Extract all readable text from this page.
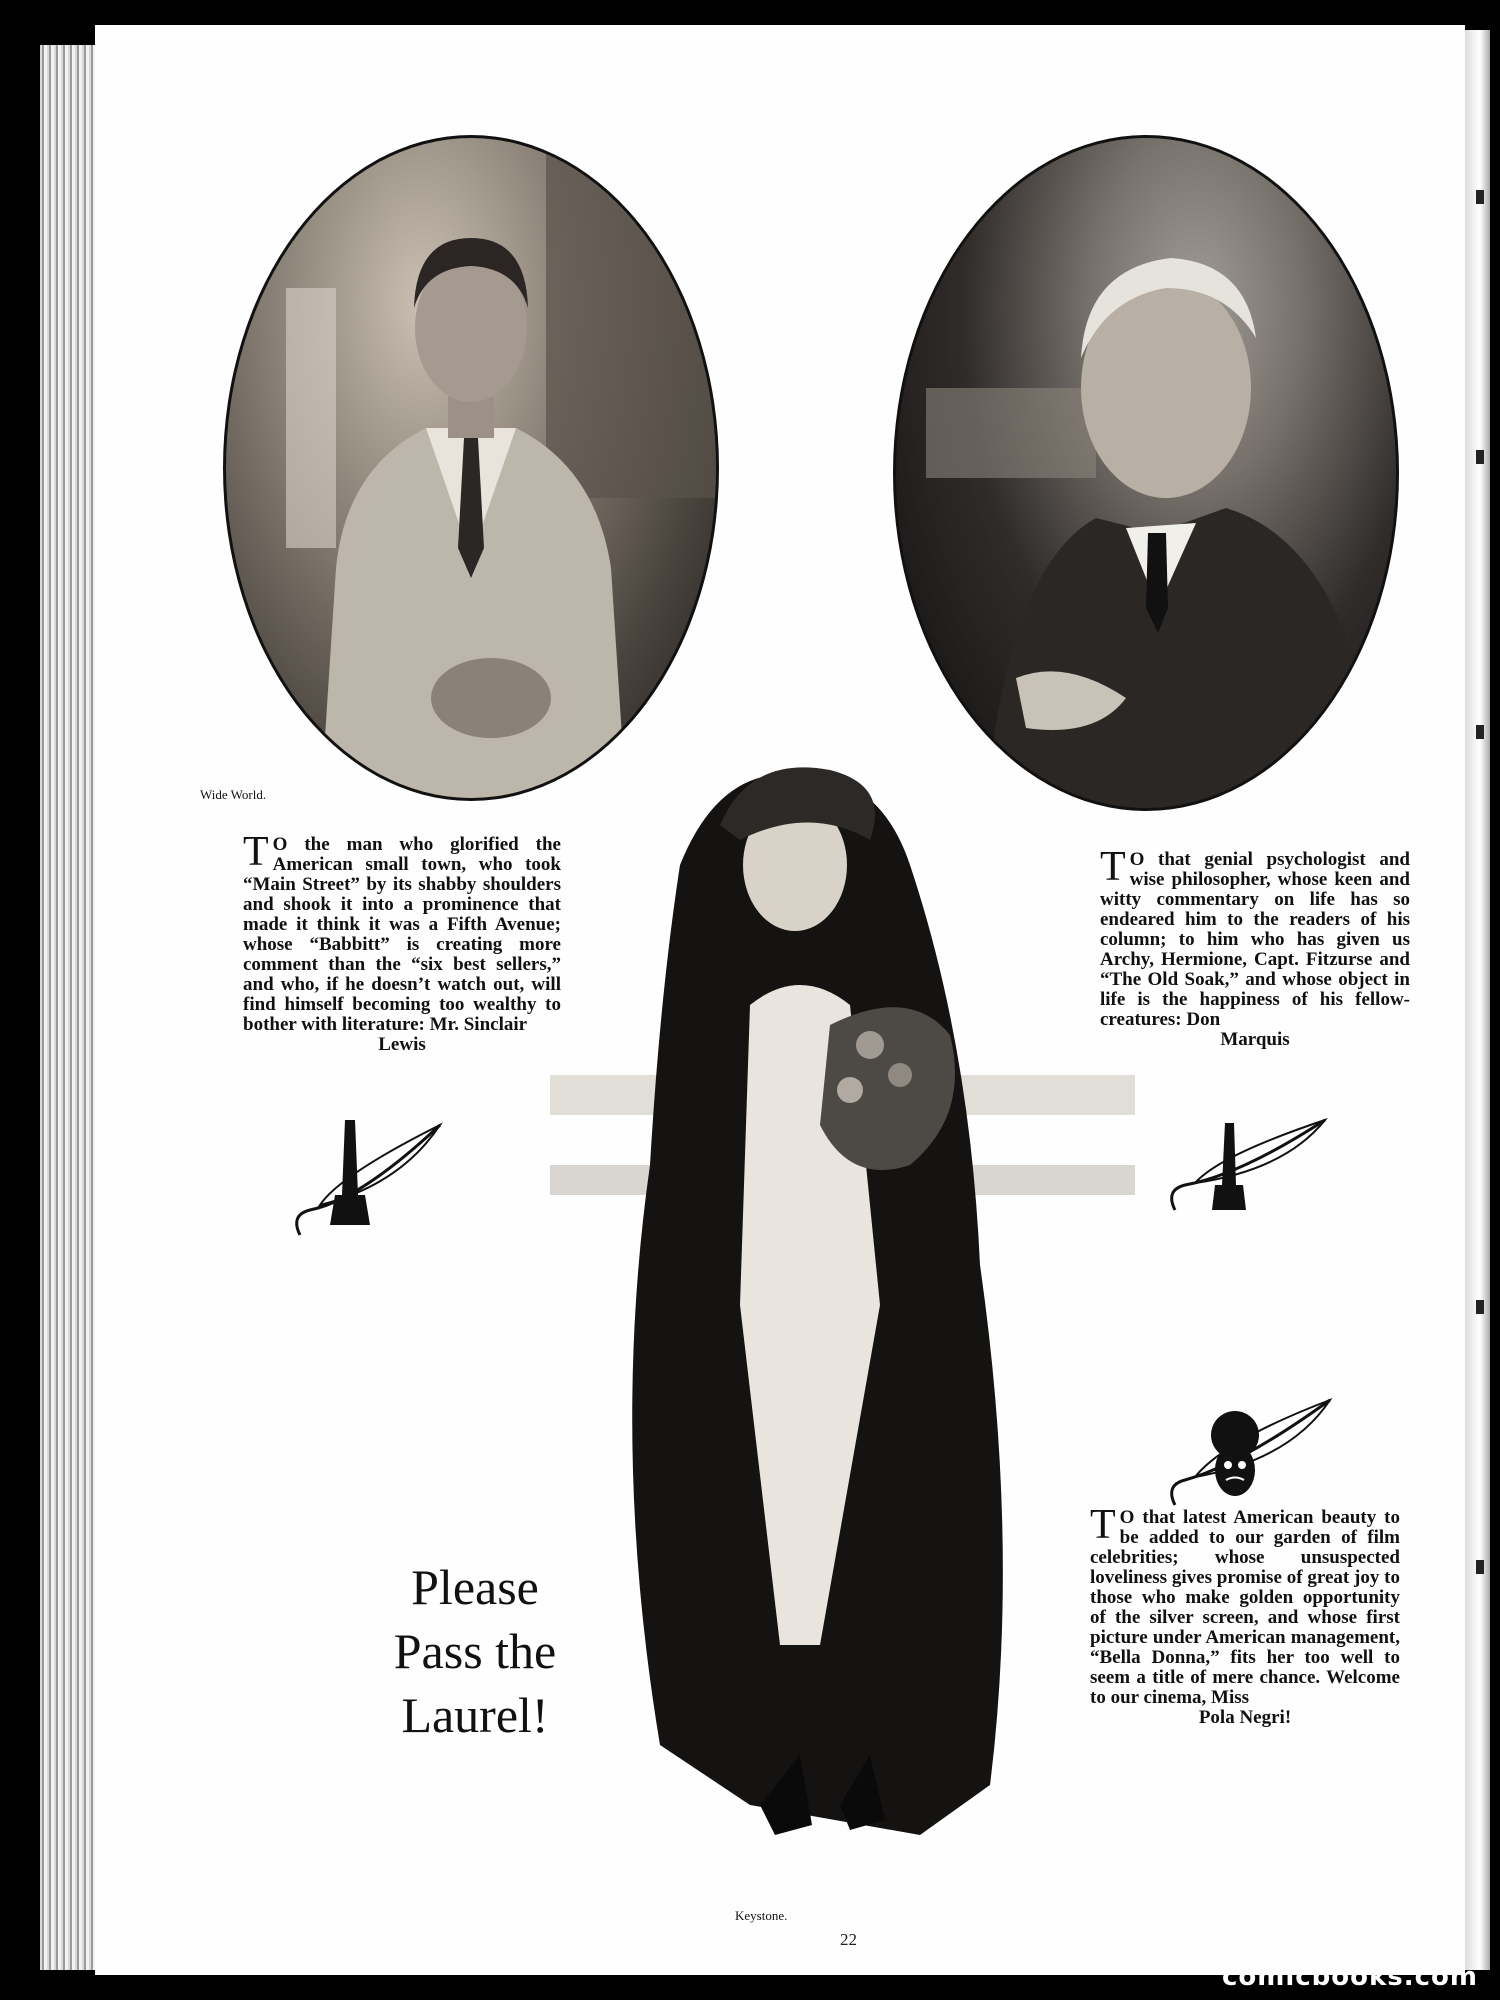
Wide World.
TO the man who glorified the American small town, who took “Main Street” by its shabby shoulders and shook it into a prominence that made it think it was a Fifth Avenue; whose “Babbitt” is creating more comment than the “six best sellers,” and who, if he doesn’t watch out, will find himself becoming too wealthy to bother with literature: Mr. Sinclair
Lewis
TO that genial psychologist and wise philosopher, whose keen and witty commentary on life has so endeared him to the readers of his column; to him who has given us Archy, Hermione, Capt. Fitzurse and “The Old Soak,” and whose object in life is the happiness of his fellow-creatures: Don
Marquis
Keystone.
TO that latest American beauty to be added to our garden of film celebrities; whose unsuspected loveliness gives promise of great joy to those who make golden opportunity of the silver screen, and whose first picture under American management, “Bella Donna,” fits her too well to seem a title of mere chance. Welcome to our cinema, Miss
Pola Negri!
Please
Pass the
Laurel!
22
comicbooks.com
